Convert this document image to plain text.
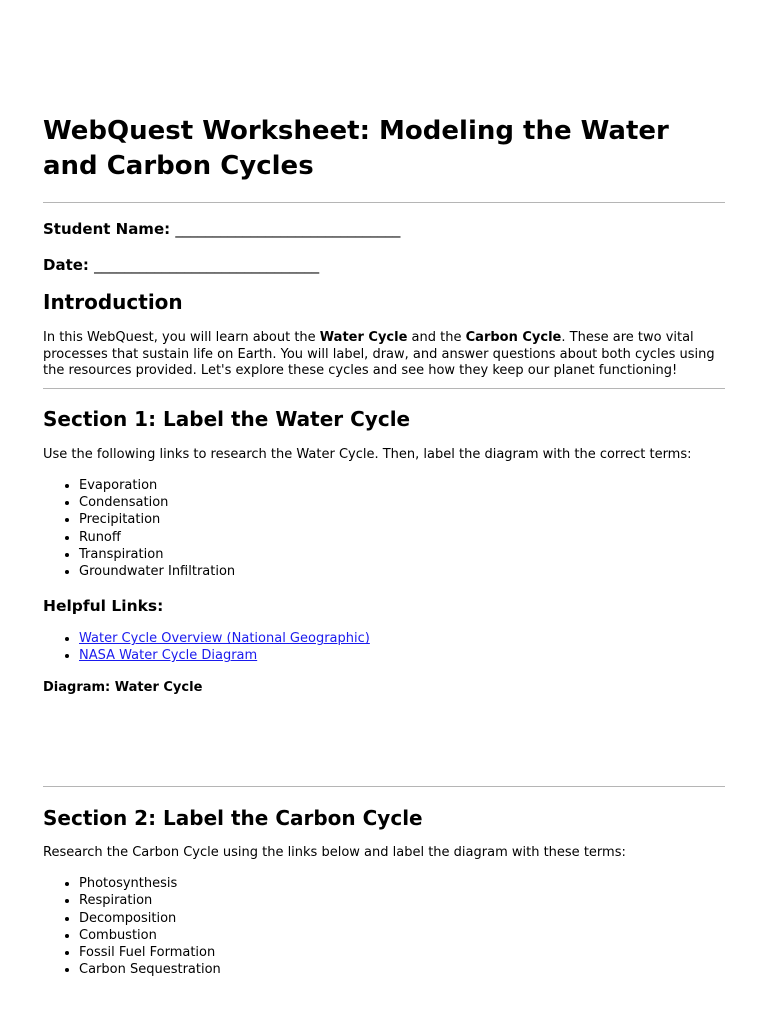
WebQuest Worksheet: Modeling the Water and Carbon Cycles

Student Name: ______________________________

Date: ______________________________

Introduction

In this WebQuest, you will learn about the Water Cycle and the Carbon Cycle. These are two vital processes that sustain life on Earth. You will label, draw, and answer questions about both cycles using the resources provided. Let's explore these cycles and see how they keep our planet functioning!

Section 1: Label the Water Cycle

Use the following links to research the Water Cycle. Then, label the diagram with the correct terms:

• Evaporation
• Condensation
• Precipitation
• Runoff
• Transpiration
• Groundwater Infiltration
Helpful Links:
• Water Cycle Overview (National Geographic)
• NASA Water Cycle Diagram
Diagram: Water Cycle
Section 2: Label the Carbon Cycle

Research the Carbon Cycle using the links below and label the diagram with these terms:

• Photosynthesis
• Respiration
• Decomposition
• Combustion
• Fossil Fuel Formation
• Carbon Sequestration
